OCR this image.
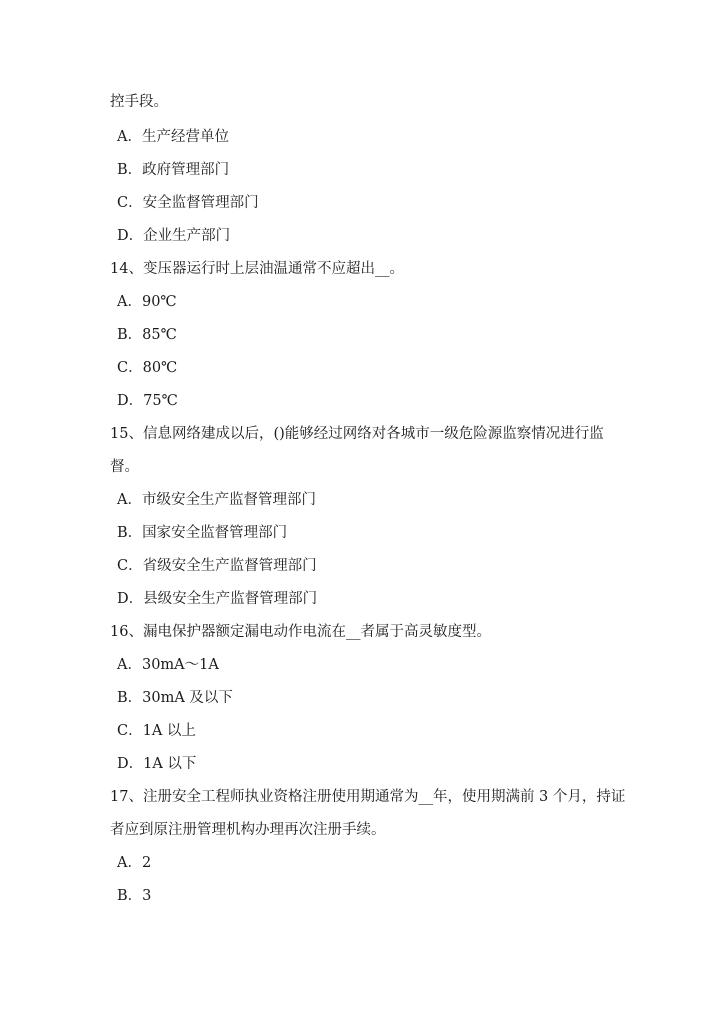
控手段。
A．生产经营单位
B．政府管理部门
C．安全监督管理部门
D．企业生产部门
14、变压器运行时上层油温通常不应超出__。
A．90℃
B．85℃
C．80℃
D．75℃
15、信息网络建成以后，()能够经过网络对各城市一级危险源监察情况进行监
督。
A．市级安全生产监督管理部门
B．国家安全监督管理部门
C．省级安全生产监督管理部门
D．县级安全生产监督管理部门
16、漏电保护器额定漏电动作电流在__者属于高灵敏度型。
A．30mA～1A
B．30mA 及以下
C．1A 以上
D．1A 以下
17、注册安全工程师执业资格注册使用期通常为__年，使用期满前 3 个月，持证
者应到原注册管理机构办理再次注册手续。
A．2
B．3
